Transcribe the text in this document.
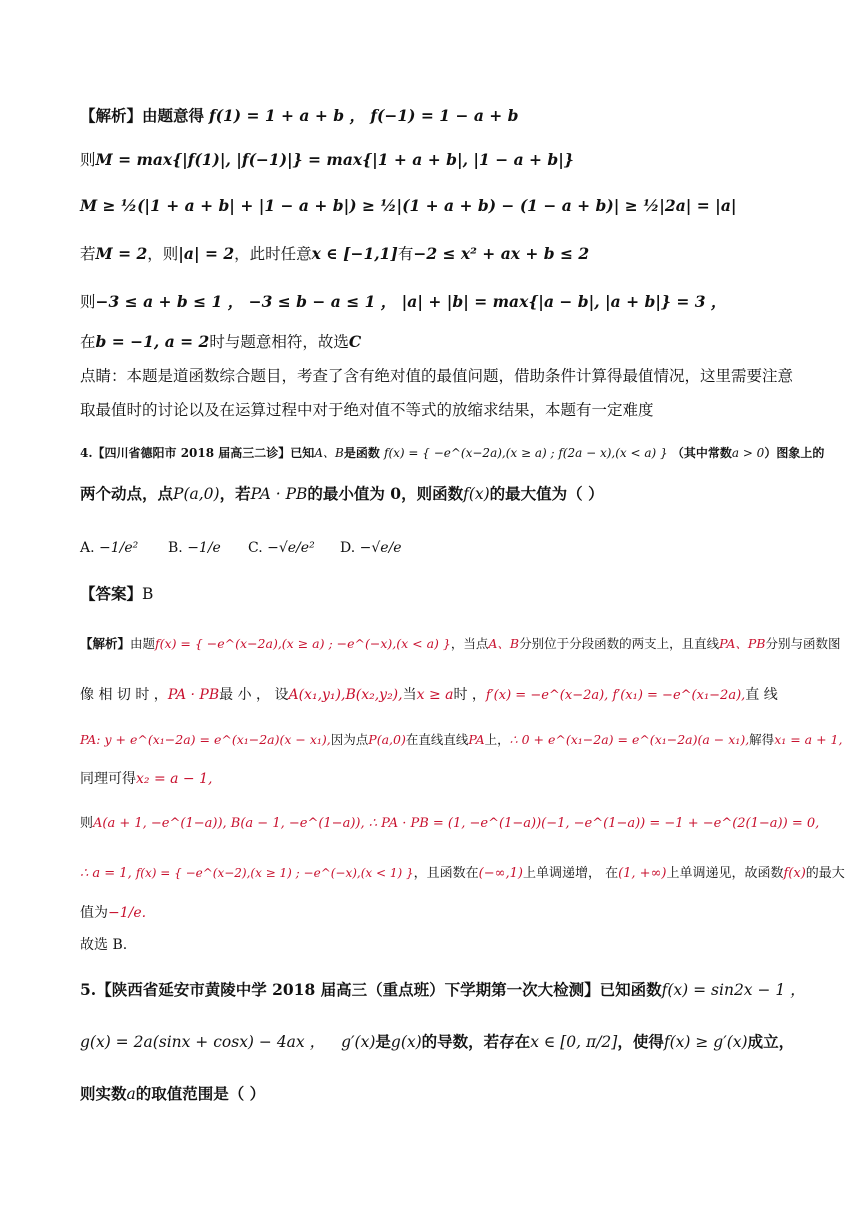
【解析】由题意得 f(1) = 1 + a + b ， f(−1) = 1 − a + b
则M = max{|f(1)|, |f(−1)|} = max{|1 + a + b|, |1 − a + b|}
M ≥ ½(|1 + a + b| + |1 − a + b|) ≥ ½|(1 + a + b) − (1 − a + b)| ≥ ½|2a| = |a|
若M = 2，则|a| = 2，此时任意x ∈ [−1,1]有−2 ≤ x² + ax + b ≤ 2
则−3 ≤ a + b ≤ 1 ， −3 ≤ b − a ≤ 1 ， |a| + |b| = max{|a − b|, |a + b|} = 3 ，
在b = −1, a = 2时与题意相符，故选C
点睛：本题是道函数综合题目，考查了含有绝对值的最值问题，借助条件计算得最值情况，这里需要注意
取最值时的讨论以及在运算过程中对于绝对值不等式的放缩求结果，本题有一定难度
4.【四川省德阳市 2018 届高三二诊】已知A、B是函数 f(x) = { −e^(x−2a),(x ≥ a) ; f(2a − x),(x < a) } （其中常数a > 0）图象上的
两个动点，点P(a,0)，若PA · PB的最小值为 0，则函数f(x)的最大值为（ ）
A. −1/e² B. −1/e C. −√e/e² D. −√e/e
【答案】B
【解析】由题f(x) = { −e^(x−2a),(x ≥ a) ; −e^(−x),(x < a) }，当点A、B分别位于分段函数的两支上，且直线PA、PB分别与函数图
像 相 切 时 ，PA · PB最 小 ， 设A(x₁,y₁),B(x₂,y₂),当x ≥ a时 ，f′(x) = −e^(x−2a), f′(x₁) = −e^(x₁−2a),直 线
PA: y + e^(x₁−2a) = e^(x₁−2a)(x − x₁),因为点P(a,0)在直线直线PA上，∴ 0 + e^(x₁−2a) = e^(x₁−2a)(a − x₁),解得x₁ = a + 1,
同理可得x₂ = a − 1,
则A(a + 1, −e^(1−a)), B(a − 1, −e^(1−a)), ∴ PA · PB = (1, −e^(1−a))(−1, −e^(1−a)) = −1 + −e^(2(1−a)) = 0,
∴ a = 1, f(x) = { −e^(x−2),(x ≥ 1) ; −e^(−x),(x < 1) }，且函数在(−∞,1)上单调递增， 在(1, +∞)上单调递见，故函数f(x)的最大
值为−1/e.
故选 B.
5.【陕西省延安市黄陵中学 2018 届高三（重点班）下学期第一次大检测】已知函数f(x) = sin2x − 1 ，
g(x) = 2a(sinx + cosx) − 4ax ， g′(x)是g(x)的导数，若存在x ∈ [0, π/2]，使得f(x) ≥ g′(x)成立，
则实数a的取值范围是（ ）
